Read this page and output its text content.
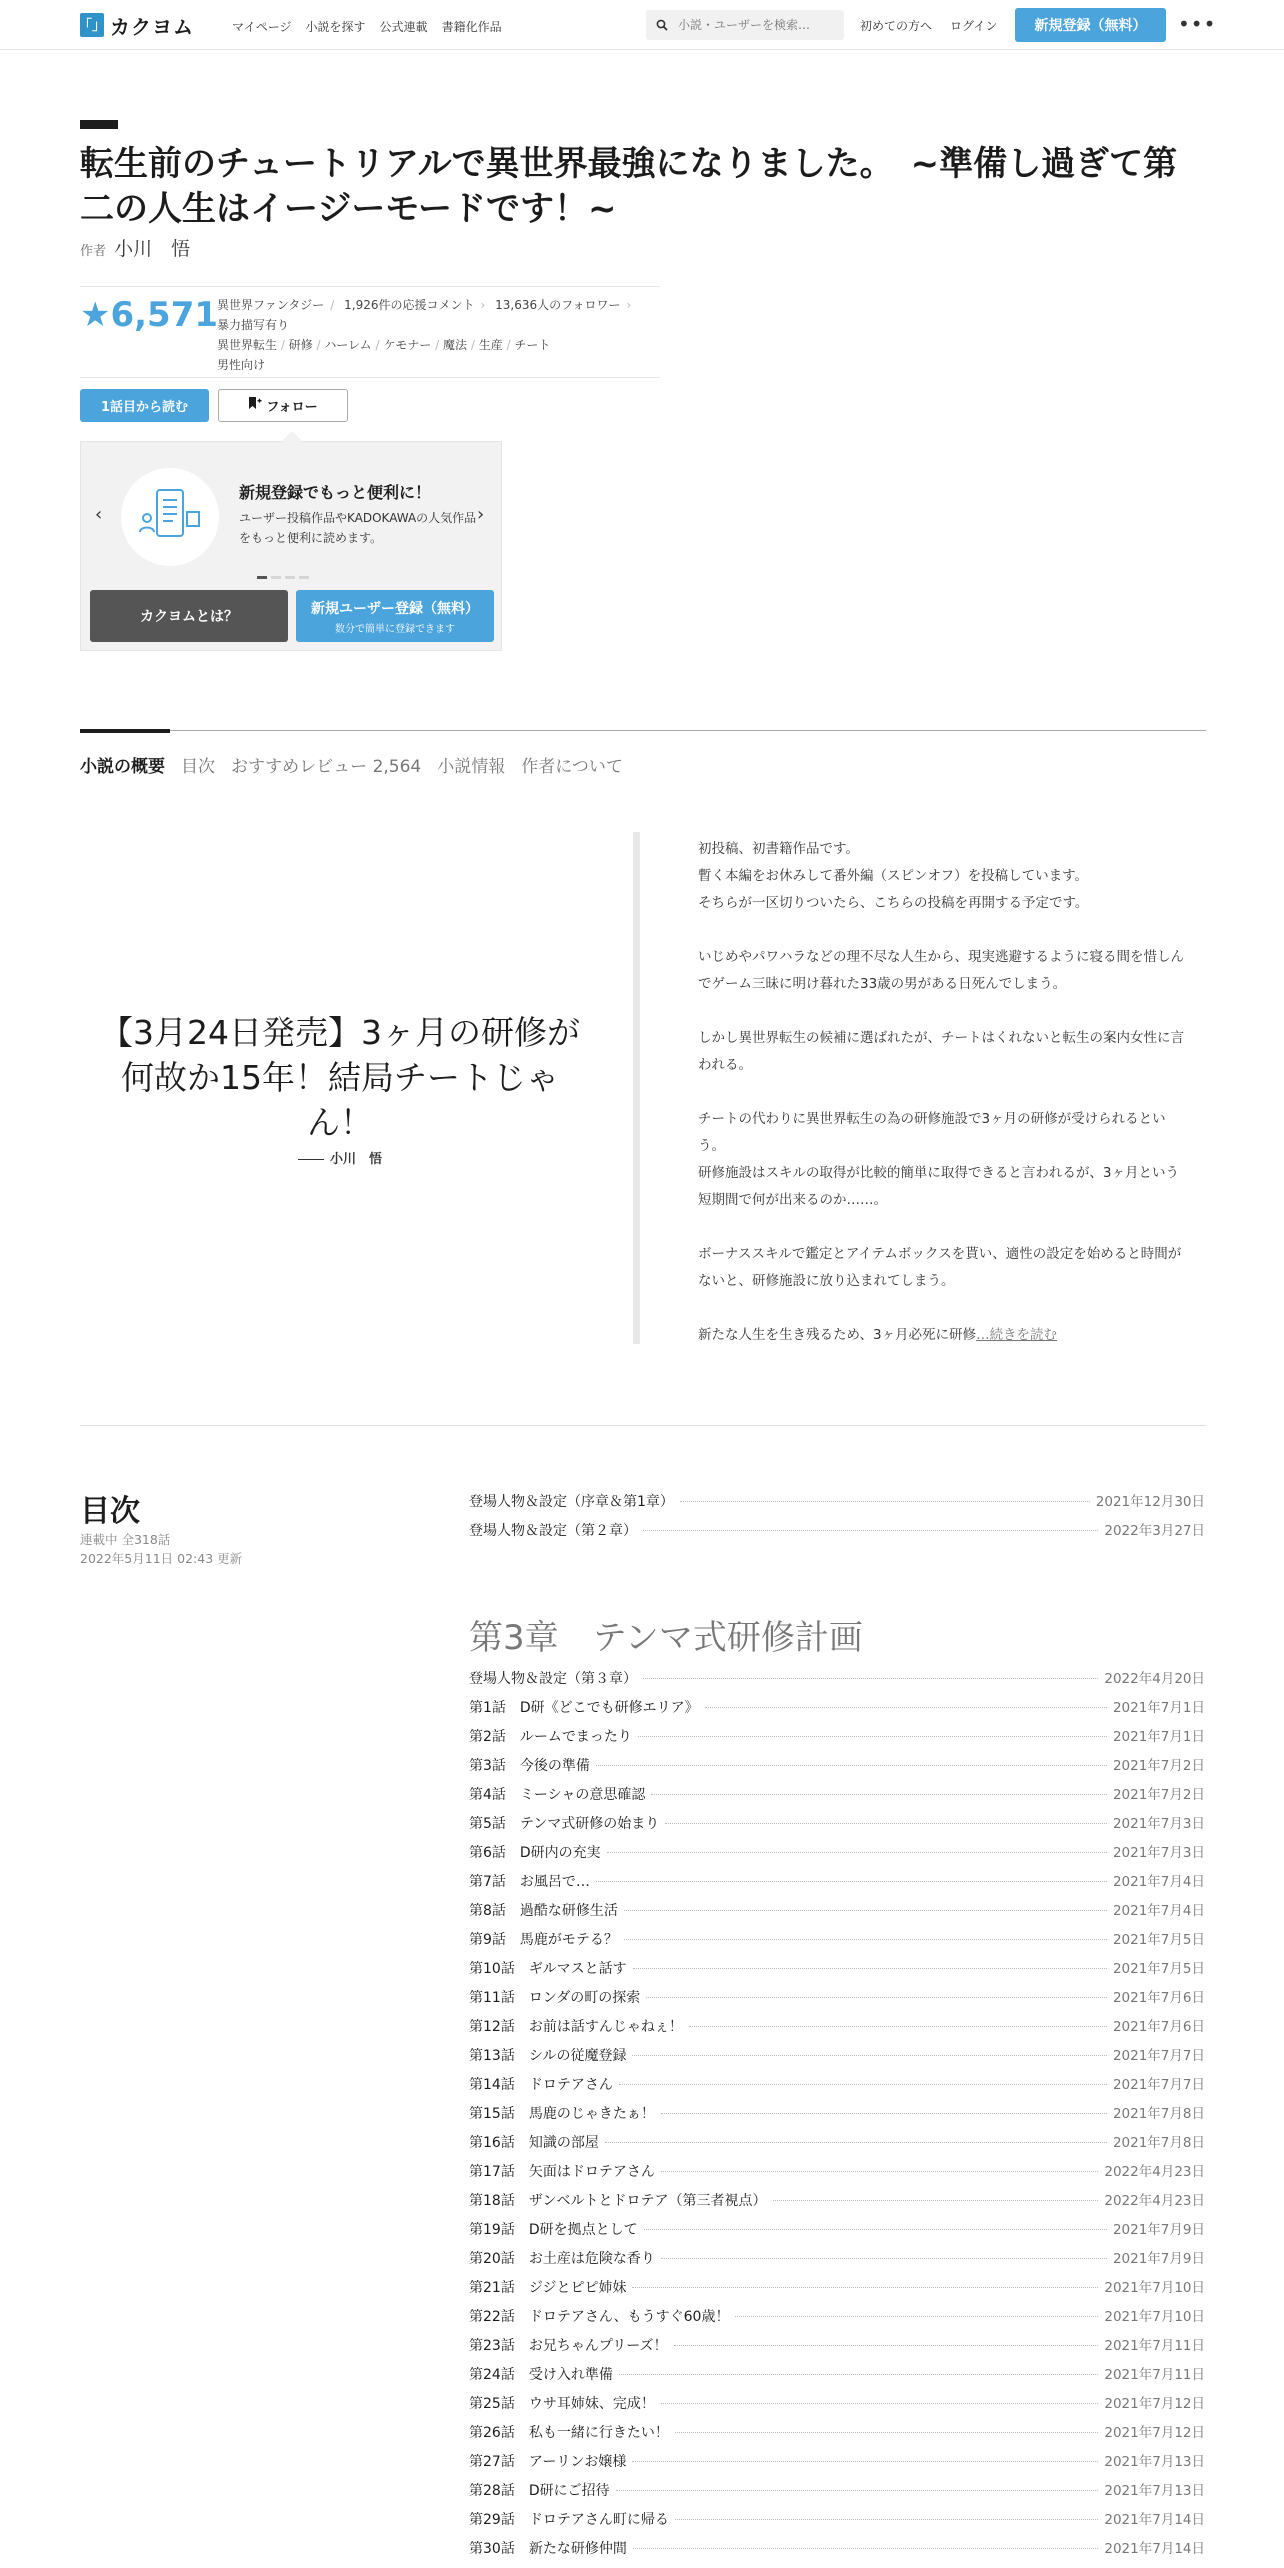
「」 カクヨム	マイページ 小説を探す 公式連載 書籍化作品
小説・ユーザーを検索…	初めての方へ ログイン	新規登録（無料）	•••
転生前のチュートリアルで異世界最強になりました。　~準備し過ぎて第二の人生はイージーモードです！~
作者 小川　悟
★6,571
異世界ファンタジー / 1,926件の応援コメント › 13,636人のフォロワー ›
暴力描写有り
異世界転生 / 研修 / ハーレム / ケモナー / 魔法 / 生産 / チート
男性向け
1話目から読む	フォロー
‹
新規登録でもっと便利に！
ユーザー投稿作品やKADOKAWAの人気作品をもっと便利に読めます。
›
カクヨムとは？
新規ユーザー登録（無料）
数分で簡単に登録できます
小説の概要 目次 おすすめレビュー 2,564 小説情報 作者について
【3月24日発売】3ヶ月の研修が何故か15年！結局チートじゃん！
小川　悟

初投稿、初書籍作品です。
暫く本編をお休みして番外編（スピンオフ）を投稿しています。
そちらが一区切りついたら、こちらの投稿を再開する予定です。

いじめやパワハラなどの理不尽な人生から、現実逃避するように寝る間を惜しんでゲーム三昧に明け暮れた33歳の男がある日死んでしまう。

しかし異世界転生の候補に選ばれたが、チートはくれないと転生の案内女性に言われる。

チートの代わりに異世界転生の為の研修施設で3ヶ月の研修が受けられるという。
研修施設はスキルの取得が比較的簡単に取得できると言われるが、3ヶ月という短期間で何が出来るのか……。

ボーナススキルで鑑定とアイテムボックスを貰い、適性の設定を始めると時間がないと、研修施設に放り込まれてしまう。

新たな人生を生き残るため、3ヶ月必死に研修…続きを読む

目次
連載中 全318話
2022年5月11日 02:43 更新
登場人物＆設定（序章＆第1章）	2021年12月30日
登場人物＆設定（第２章）	2022年3月27日
第3章　テンマ式研修計画
登場人物＆設定（第３章）	2022年4月20日
第1話　D研《どこでも研修エリア》	2021年7月1日
第2話　ルームでまったり	2021年7月1日
第3話　今後の準備	2021年7月2日
第4話　ミーシャの意思確認	2021年7月2日
第5話　テンマ式研修の始まり	2021年7月3日
第6話　D研内の充実	2021年7月3日
第7話　お風呂で…	2021年7月4日
第8話　過酷な研修生活	2021年7月4日
第9話　馬鹿がモテる？	2021年7月5日
第10話　ギルマスと話す	2021年7月5日
第11話　ロンダの町の探索	2021年7月6日
第12話　お前は話すんじゃねぇ！	2021年7月6日
第13話　シルの従魔登録	2021年7月7日
第14話　ドロテアさん	2021年7月7日
第15話　馬鹿のじゃきたぁ！	2021年7月8日
第16話　知識の部屋	2021年7月8日
第17話　矢面はドロテアさん	2022年4月23日
第18話　ザンベルトとドロテア（第三者視点）	2022年4月23日
第19話　D研を拠点として	2021年7月9日
第20話　お土産は危険な香り	2021年7月9日
第21話　ジジとピピ姉妹	2021年7月10日
第22話　ドロテアさん、もうすぐ60歳！	2021年7月10日
第23話　お兄ちゃんプリーズ！	2021年7月11日
第24話　受け入れ準備	2021年7月11日
第25話　ウサ耳姉妹、完成！	2021年7月12日
第26話　私も一緒に行きたい！	2021年7月12日
第27話　アーリンお嬢様	2021年7月13日
第28話　D研にご招待	2021年7月13日
第29話　ドロテアさん町に帰る	2021年7月14日
第30話　新たな研修仲間	2021年7月14日
